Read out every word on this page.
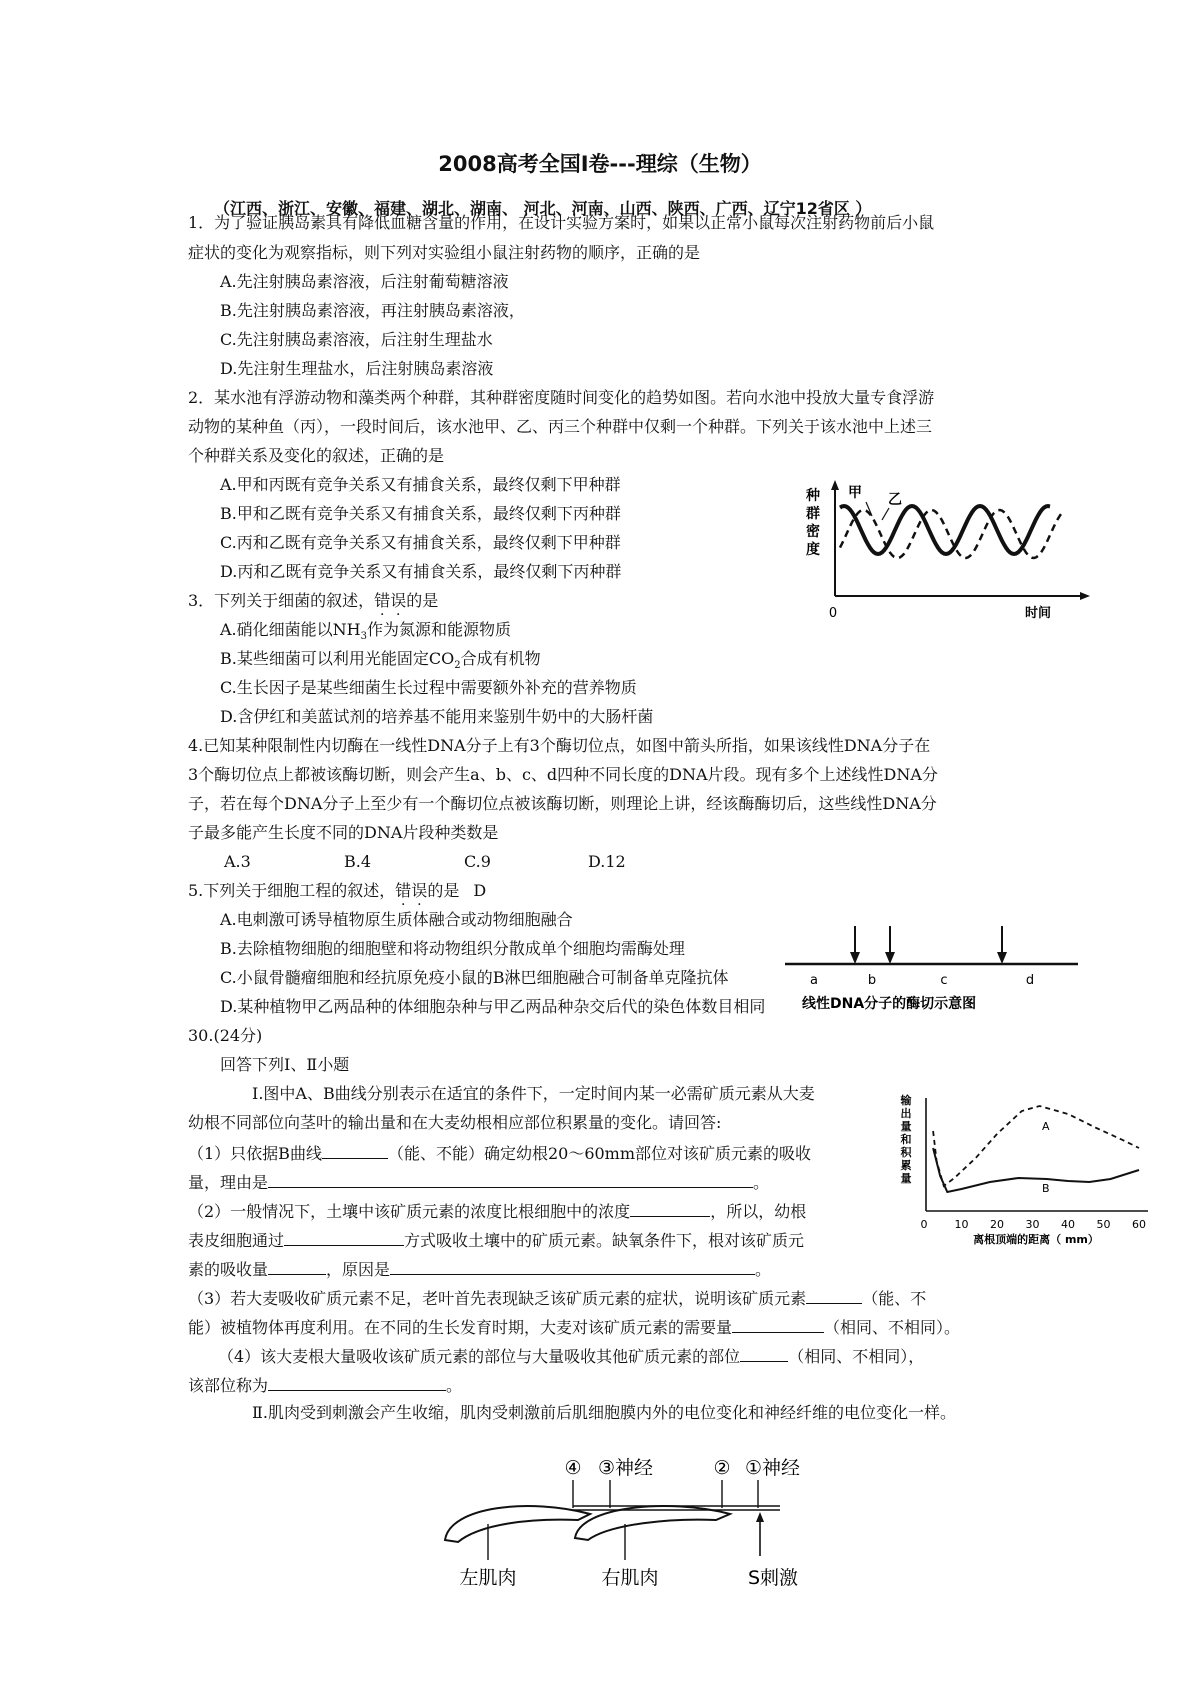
2008高考全国Ⅰ卷---理综（生物）
（江西、浙江、安徽、福建、湖北、湖南、 河北、河南、山西、陕西、广西、辽宁12省区 ）
1．为了验证胰岛素具有降低血糖含量的作用，在设计实验方案时，如果以正常小鼠每次注射药物前后小鼠
症状的变化为观察指标，则下列对实验组小鼠注射药物的顺序，正确的是
A.先注射胰岛素溶液，后注射葡萄糖溶液
B.先注射胰岛素溶液，再注射胰岛素溶液，
C.先注射胰岛素溶液，后注射生理盐水
D.先注射生理盐水，后注射胰岛素溶液
2．某水池有浮游动物和藻类两个种群，其种群密度随时间变化的趋势如图。若向水池中投放大量专食浮游
动物的某种鱼（丙），一段时间后，该水池甲、乙、丙三个种群中仅剩一个种群。下列关于该水池中上述三
个种群关系及变化的叙述，正确的是
A.甲和丙既有竞争关系又有捕食关系，最终仅剩下甲种群
B.甲和乙既有竞争关系又有捕食关系，最终仅剩下丙种群
C.丙和乙既有竞争关系又有捕食关系，最终仅剩下甲种群
D.丙和乙既有竞争关系又有捕食关系，最终仅剩下丙种群
种
群
密
度
甲 乙
0	时间
3．下列关于细菌的叙述，错误的是
A.硝化细菌能以$NH_3$作为氮源和能源物质
B.某些细菌可以利用光能固定$CO_2$合成有机物
C.生长因子是某些细菌生长过程中需要额外补充的营养物质
D.含伊红和美蓝试剂的培养基不能用来鉴别牛奶中的大肠杆菌
4.已知某种限制性内切酶在一线性DNA分子上有3个酶切位点，如图中箭头所指，如果该线性DNA分子在
3个酶切位点上都被该酶切断，则会产生a、b、c、d四种不同长度的DNA片段。现有多个上述线性DNA分
子，若在每个DNA分子上至少有一个酶切位点被该酶切断，则理论上讲，经该酶酶切后，这些线性DNA分
子最多能产生长度不同的DNA片段种类数是
A.3	B.4	C.9	D.12
a	b	c	d
线性DNA分子的酶切示意图
5.下列关于细胞工程的叙述，错误的是 D
A.电刺激可诱导植物原生质体融合或动物细胞融合
B.去除植物细胞的细胞壁和将动物组织分散成单个细胞均需酶处理
C.小鼠骨髓瘤细胞和经抗原免疫小鼠的B淋巴细胞融合可制备单克隆抗体
D.某种植物甲乙两品种的体细胞杂种与甲乙两品种杂交后代的染色体数目相同
30.(24分)
回答下列Ⅰ、Ⅱ小题
Ⅰ.图中A、B曲线分别表示在适宜的条件下，一定时间内某一必需矿质元素从大麦
幼根不同部位向茎叶的输出量和在大麦幼根相应部位积累量的变化。请回答:
（1）只依据B曲线	（能、不能）确定幼根20～60mm部位对该矿质元素的吸收
量，理由是	。
（2）一般情况下，土壤中该矿质元素的浓度比根细胞中的浓度	，所以，幼根
表皮细胞通过	方式吸收土壤中的矿质元素。缺氧条件下，根对该矿质元
素的吸收量	，原因是	。
（3）若大麦吸收矿质元素不足，老叶首先表现缺乏该矿质元素的症状，说明该矿质元素	（能、不
能）被植物体再度利用。在不同的生长发育时期，大麦对该矿质元素的需要量	（相同、不相同）。
（4）该大麦根大量吸收该矿质元素的部位与大量吸收其他矿质元素的部位	（相同、不相同），
该部位称为	。
Ⅱ.肌肉受到刺激会产生收缩，肌肉受刺激前后肌细胞膜内外的电位变化和神经纤维的电位变化一样。
输
出
量
和
积
累
量
10 20 30 40 50 60
A
B
0
离根顶端的距离（ mm）
④ ③神经	② ①神经
左肌肉	右肌肉	S刺激
